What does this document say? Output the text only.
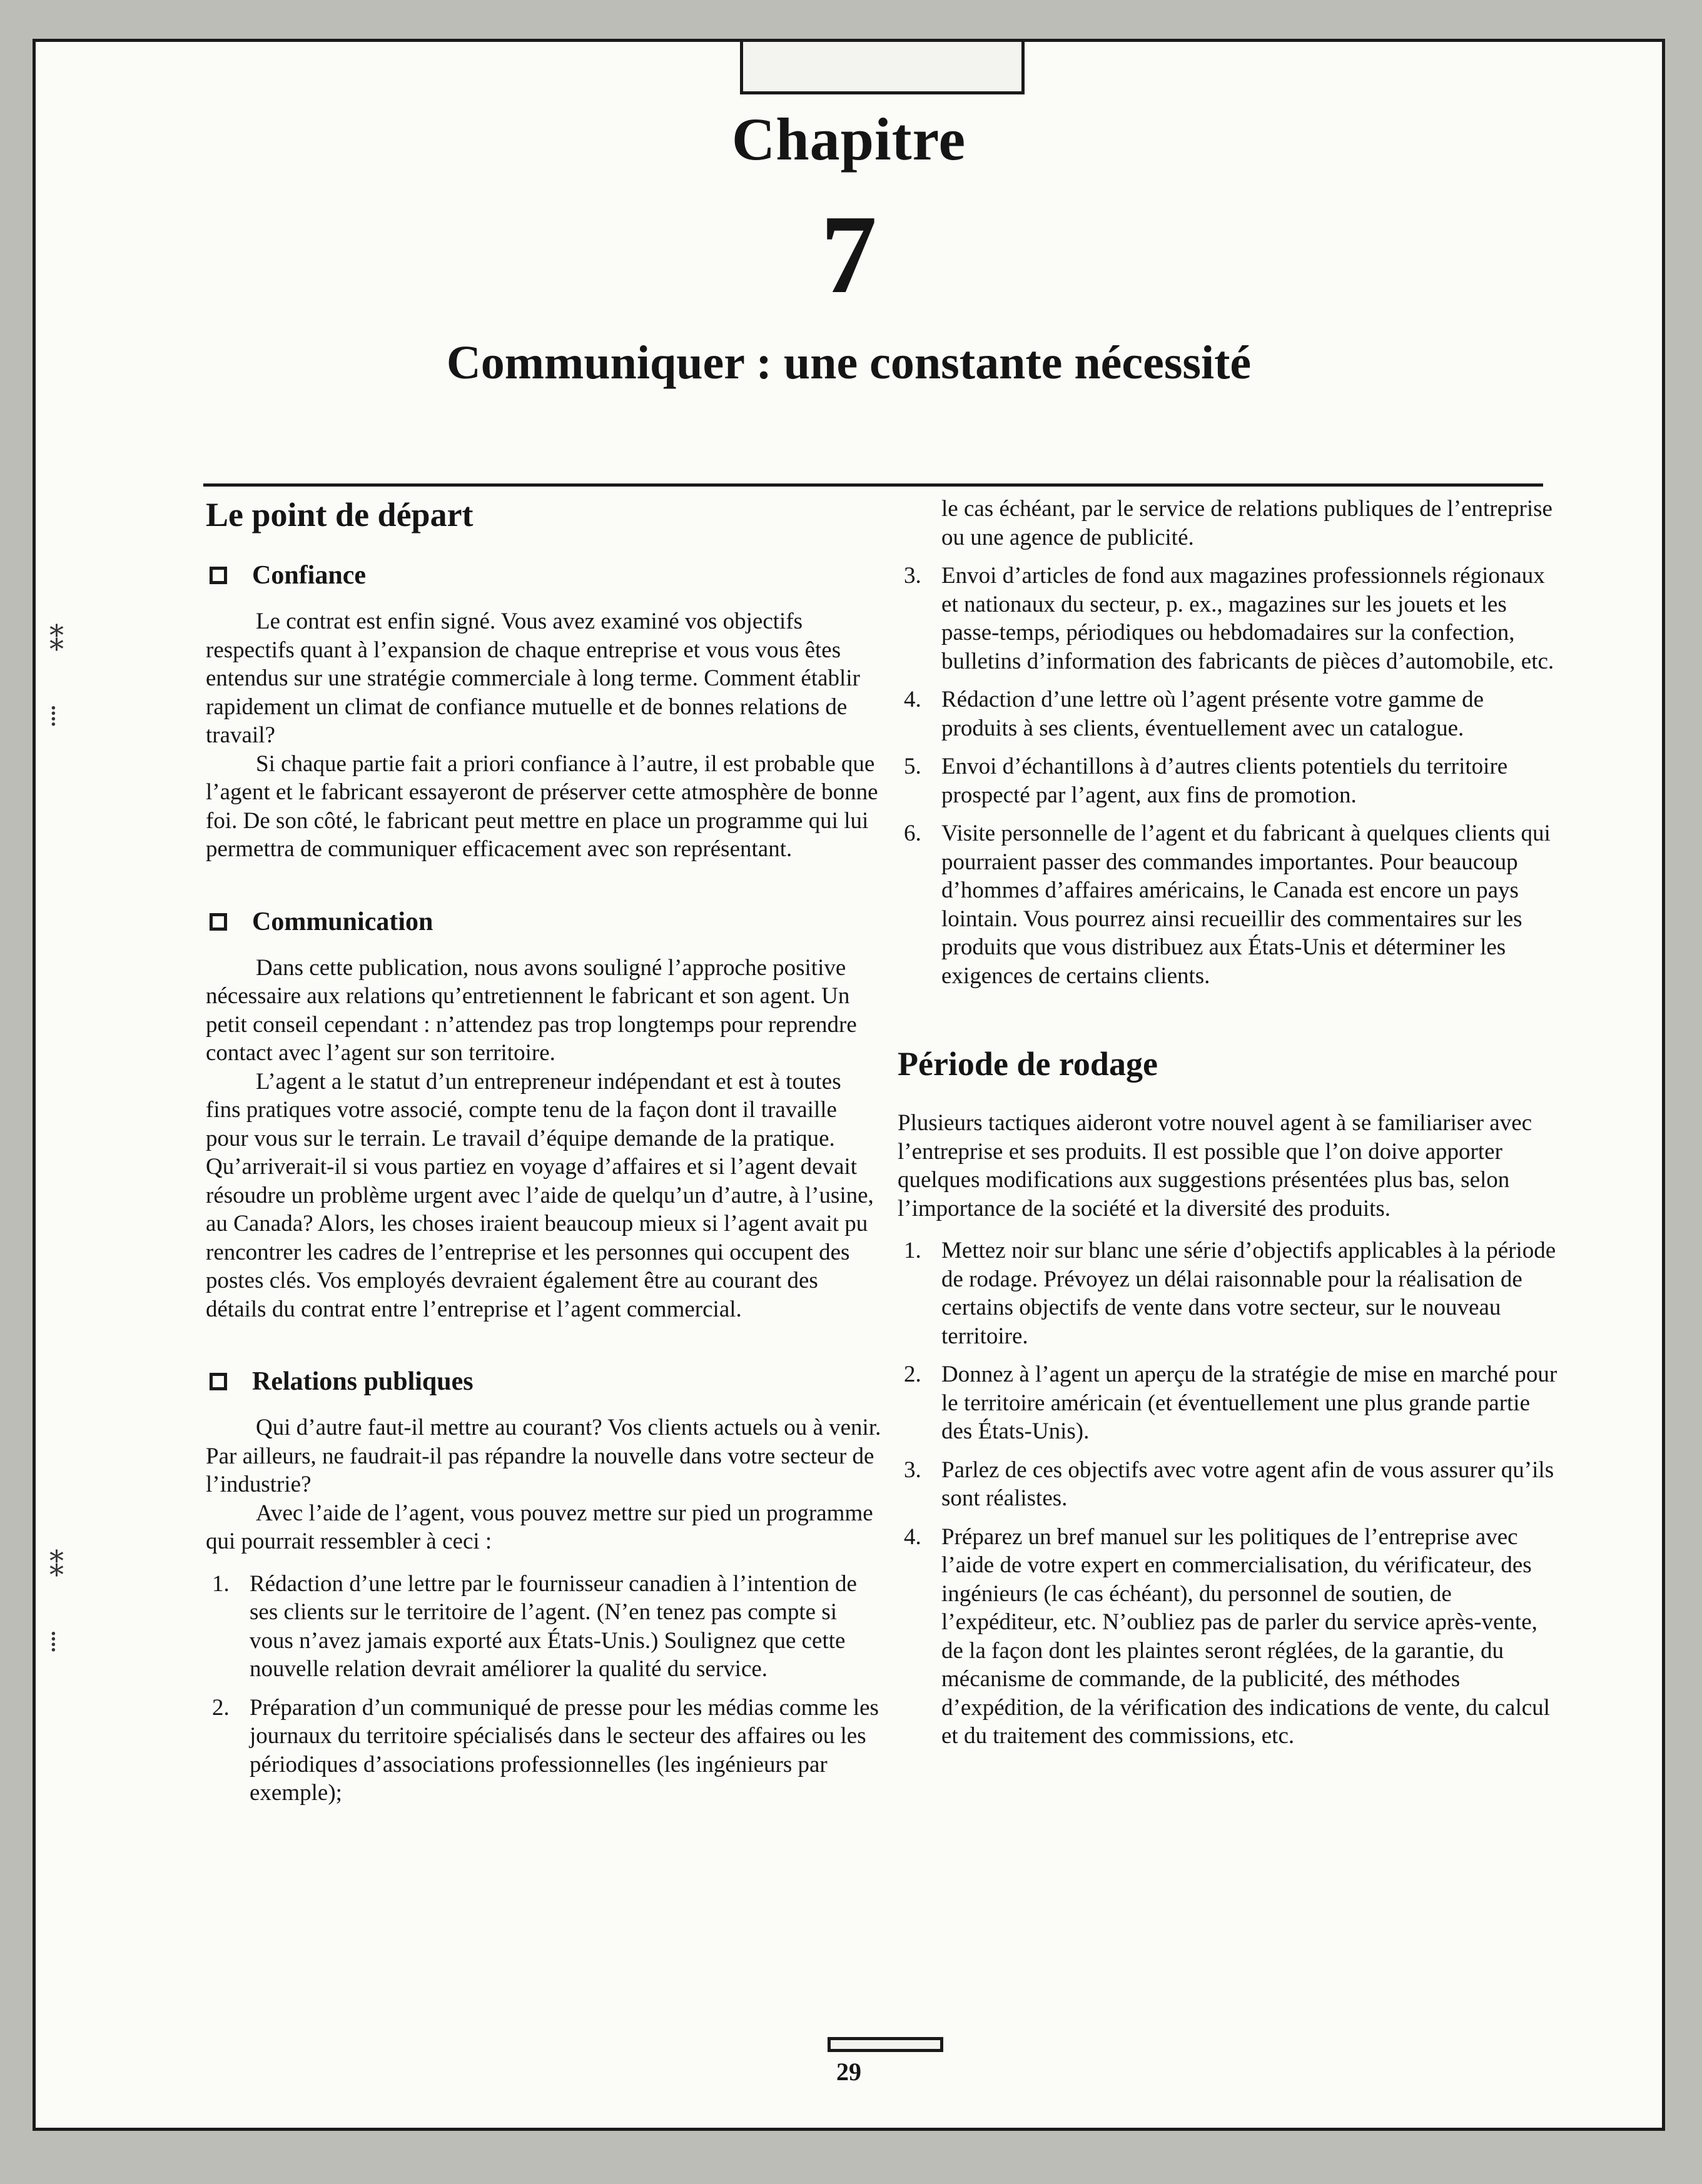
Chapitre
7
Communiquer : une constante nécessité
⁑
⁞
⁑
⁞
Le point de départ
Confiance

Le contrat est enfin signé. Vous avez examiné vos objectifs respectifs quant à l’expansion de chaque entreprise et vous vous êtes entendus sur une stratégie commerciale à long terme. Comment établir rapidement un climat de confiance mutuelle et de bonnes relations de travail?

Si chaque partie fait a priori confiance à l’autre, il est probable que l’agent et le fabricant essayeront de préserver cette atmosphère de bonne foi. De son côté, le fabricant peut mettre en place un programme qui lui permettra de communiquer efficacement avec son représentant.

Communication

Dans cette publication, nous avons souligné l’approche positive nécessaire aux relations qu’entretiennent le fabricant et son agent. Un petit conseil cependant : n’attendez pas trop longtemps pour reprendre contact avec l’agent sur son territoire.

L’agent a le statut d’un entrepreneur indépendant et est à toutes fins pratiques votre associé, compte tenu de la façon dont il travaille pour vous sur le terrain. Le travail d’équipe demande de la pratique. Qu’arriverait-il si vous partiez en voyage d’affaires et si l’agent devait résoudre un problème urgent avec l’aide de quelqu’un d’autre, à l’usine, au Canada? Alors, les choses iraient beaucoup mieux si l’agent avait pu rencontrer les cadres de l’entreprise et les personnes qui occupent des postes clés. Vos employés devraient également être au courant des détails du contrat entre l’entreprise et l’agent commercial.

Relations publiques

Qui d’autre faut-il mettre au courant? Vos clients actuels ou à venir. Par ailleurs, ne faudrait-il pas répandre la nouvelle dans votre secteur de l’industrie?

Avec l’aide de l’agent, vous pouvez mettre sur pied un programme qui pourrait ressembler à ceci :

1. Rédaction d’une lettre par le fournisseur canadien à l’intention de ses clients sur le territoire de l’agent. (N’en tenez pas compte si vous n’avez jamais exporté aux États-Unis.) Soulignez que cette nouvelle relation devrait améliorer la qualité du service.
2. Préparation d’un communiqué de presse pour les médias comme les journaux du territoire spécialisés dans le secteur des affaires ou les périodiques d’associations professionnelles (les ingénieurs par exemple);

le cas échéant, par le service de relations publiques de l’entreprise ou une agence de publicité.

3. Envoi d’articles de fond aux magazines professionnels régionaux et nationaux du secteur, p. ex., magazines sur les jouets et les passe-temps, périodiques ou hebdomadaires sur la confection, bulletins d’information des fabricants de pièces d’automobile, etc.
4. Rédaction d’une lettre où l’agent présente votre gamme de produits à ses clients, éventuellement avec un catalogue.
5. Envoi d’échantillons à d’autres clients potentiels du territoire prospecté par l’agent, aux fins de promotion.
6. Visite personnelle de l’agent et du fabricant à quelques clients qui pourraient passer des commandes importantes. Pour beaucoup d’hommes d’affaires américains, le Canada est encore un pays lointain. Vous pourrez ainsi recueillir des commentaires sur les produits que vous distribuez aux États-Unis et déterminer les exigences de certains clients.
Période de rodage

Plusieurs tactiques aideront votre nouvel agent à se familiariser avec l’entreprise et ses produits. Il est possible que l’on doive apporter quelques modifications aux suggestions présentées plus bas, selon l’importance de la société et la diversité des produits.

1. Mettez noir sur blanc une série d’objectifs applicables à la période de rodage. Prévoyez un délai raisonnable pour la réalisation de certains objectifs de vente dans votre secteur, sur le nouveau territoire.
2. Donnez à l’agent un aperçu de la stratégie de mise en marché pour le territoire américain (et éventuellement une plus grande partie des États-Unis).
3. Parlez de ces objectifs avec votre agent afin de vous assurer qu’ils sont réalistes.
4. Préparez un bref manuel sur les politiques de l’entreprise avec l’aide de votre expert en commercialisation, du vérificateur, des ingénieurs (le cas échéant), du personnel de soutien, de l’expéditeur, etc. N’oubliez pas de parler du service après-vente, de la façon dont les plaintes seront réglées, de la garantie, du mécanisme de commande, de la publicité, des méthodes d’expédition, de la vérification des indications de vente, du calcul et du traitement des commissions, etc.
29
